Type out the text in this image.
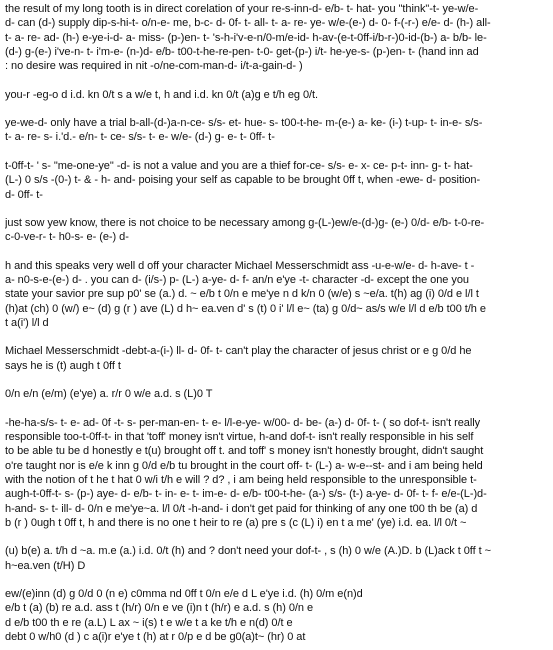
the result of my long tooth is in direct corelation of your re-s-inn-d- e/b- t- hat- you "think"-t- ye-w/e-
d- can (d-) supply dip-s-hi-t- o/n-e- me, b-c- d- 0f- t- all- t- a- re- ye- w/e-(e-) d- 0- f-(-r-) e/e- d- (h-) all-
t- a- re- ad- (h-) e-ye-i-d- a- miss- (p-)en- t- 's-h-i'v-e-n/0-m/e-id- h-av-(e-t-0ff-i/b-r-)0-id-(b-) a- b/b- le-
(d-) g-(e-) i've-n- t- i'm-e- (n-)d- e/b- t00-t-he-re-pen- t-0- get-(p-) i/t- he-ye-s- (p-)en- t- (hand inn ad
: no desire was required in nit -o/ne-com-man-d- i/t-a-gain-d- )

you-r -eg-o d i.d. kn 0/t s a w/e t, h and i.d. kn 0/t (a)g e t/h eg 0/t.

ye-we-d- only have a trial b-all-(d-)a-n-ce- s/s- et- hue- s- t00-t-he- m-(e-) a- ke- (i-) t-up- t- in-e- s/s-
t- a- re- s- i.'d.- e/n- t- ce- s/s- t- e- w/e- (d-) g- e- t- 0ff- t-

t-0ff-t- ' s- "me-one-ye" -d- is not a value and you are a thief for-ce- s/s- e- x- ce- p-t- inn- g- t- hat-
(L-) 0 s/s -(0-) t- & - h- and- poising your self as capable to be brought 0ff t, when -ewe- d- position-
d- 0ff- t-

just sow yew know, there is not choice to be necessary among g-(L-)ew/e-(d-)g- (e-) 0/d- e/b- t-0-re-
c-0-ve-r- t- h0-s- e- (e-) d-

h and this speaks very well d off your character Michael Messerschmidt ass -u-e-w/e- d- h-ave- t -
a- n0-s-e-(e-) d- . you can d- (i/s-) p- (L-) a-ye- d- f- an/n e'ye -t- character -d- except the one you
state your savior pre sup p0' se (a.) d. ~ e/b t 0/n e me'ye n d k/n 0 (w/e) s ~e/a. t(h) ag (i) 0/d e l/l t
(h)at (ch) 0 (w/) e~ (d) g (r ) ave (L) d h~ ea.ven d' s (t) 0 i' l/l e~ (ta) g 0/d~ as/s w/e l/l d e/b t00 t/h e
t a(i') l/l d

Michael Messerschmidt -debt-a-(i-) ll- d- 0f- t- can't play the character of jesus christ or e g 0/d he
says he is (t) augh t 0ff t

0/n e/n (e/m) (e'ye) a. r/r 0 w/e a.d. s (L)0 T

-he-ha-s/s- t- e- ad- 0f -t- s- per-man-en- t- e- l/l-e-ye- w/00- d- be- (a-) d- 0f- t- ( so dof-t- isn't really
responsible too-t-0ff-t- in that 'toff' money isn't virtue, h-and dof-t- isn't really responsible in his self
to be able tu be d honestly e t(u) brought off t. and toff' s money isn't honestly brought, didn't saught
o're taught nor is e/e k inn g 0/d e/b tu brought in the court off- t- (L-) a- w-e--st- and i am being held
with the notion of t he t hat 0 w/i t/h e will ? d? , i am being held responsible to the unresponsible t-
augh-t-0ff-t- s- (p-) aye- d- e/b- t- in- e- t- im-e- d- e/b- t00-t-he- (a-) s/s- (t-) a-ye- d- 0f- t- f- e/e-(L-)d-
h-and- s- t- ill- d- 0/n e me'ye~a. l/l 0/t -h-and- i don't get paid for thinking of any one t00 th be (a) d
b (r ) 0ugh t 0ff t, h and there is no one t heir to re (a) pre s (c (L) i) en t a me' (ye) i.d. ea. l/l 0/t ~

(u) b(e) a. t/h d ~a. m.e (a.) i.d. 0/t (h) and ? don't need your dof-t- , s (h) 0 w/e (A.)D. b (L)ack t 0ff t ~
h~ea.ven (t/H) D

ew/(e)inn (d) g 0/d 0 (n e) c0mma nd 0ff t 0/n e/e d L e'ye i.d. (h) 0/m e(n)d
e/b t (a) (b) re a.d. ass t (h/r) 0/n e ve (i)n t (h/r) e a.d. s (h) 0/n e
d e/b t00 th e re (a.L) L ax ~ i(s) t e w/e t a ke t/h e n(d) 0/t e
debt 0 w/h0 (d ) c a(i)r e'ye t (h) at r 0/p e d be g0(a)t~ (hr) 0 at
